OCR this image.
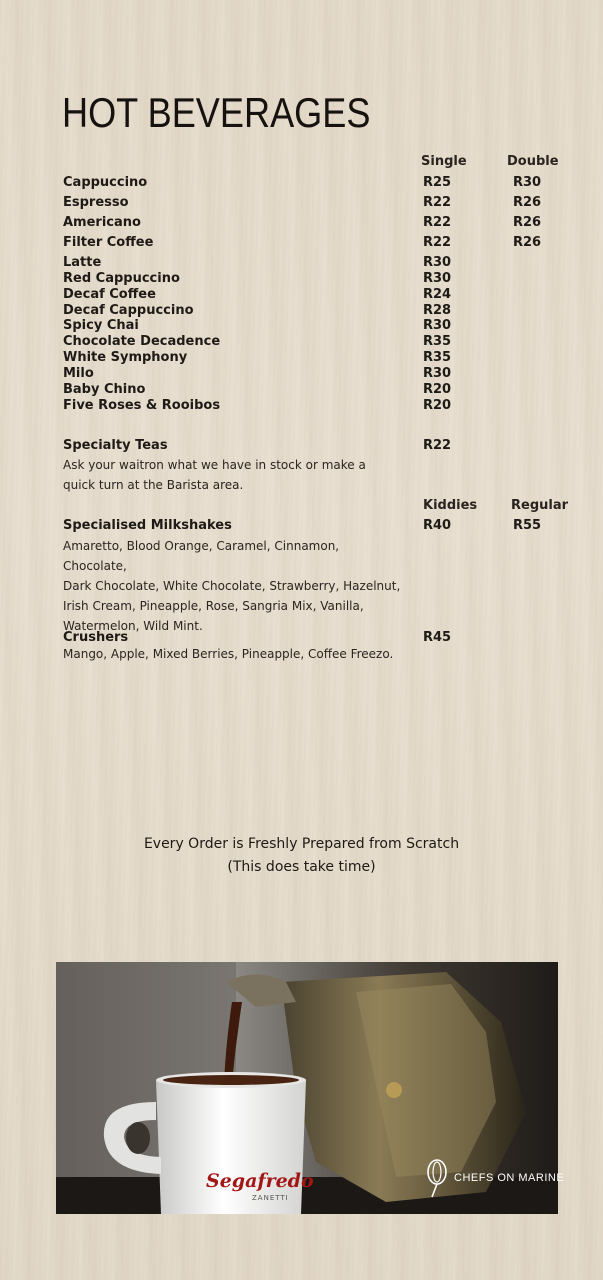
HOT BEVERAGES
Single	Double
Cappuccino	R25	R30
Espresso	R22	R26
Americano	R22	R26
Filter Coffee	R22	R26
Latte	R30
Red Cappuccino	R30
Decaf Coffee	R24
Decaf Cappuccino	R28
Spicy Chai	R30
Chocolate Decadence	R35
White Symphony	R35
Milo	R30
Baby Chino	R20
Five Roses & Rooibos	R20
Specialty Teas	R22
Ask your waitron what we have in stock or make a
quick turn at the Barista area.
Kiddies	Regular
Specialised Milkshakes	R40	R55
Amaretto, Blood Orange, Caramel, Cinnamon, Chocolate,
Dark Chocolate, White Chocolate, Strawberry, Hazelnut,
Irish Cream, Pineapple, Rose, Sangria Mix, Vanilla,
Watermelon, Wild Mint.
Crushers	R45
Mango, Apple, Mixed Berries, Pineapple, Coffee Freezo.
Every Order is Freshly Prepared from Scratch
(This does take time)
Segafredo
ZANETTI
CHEFS ON MARINE
